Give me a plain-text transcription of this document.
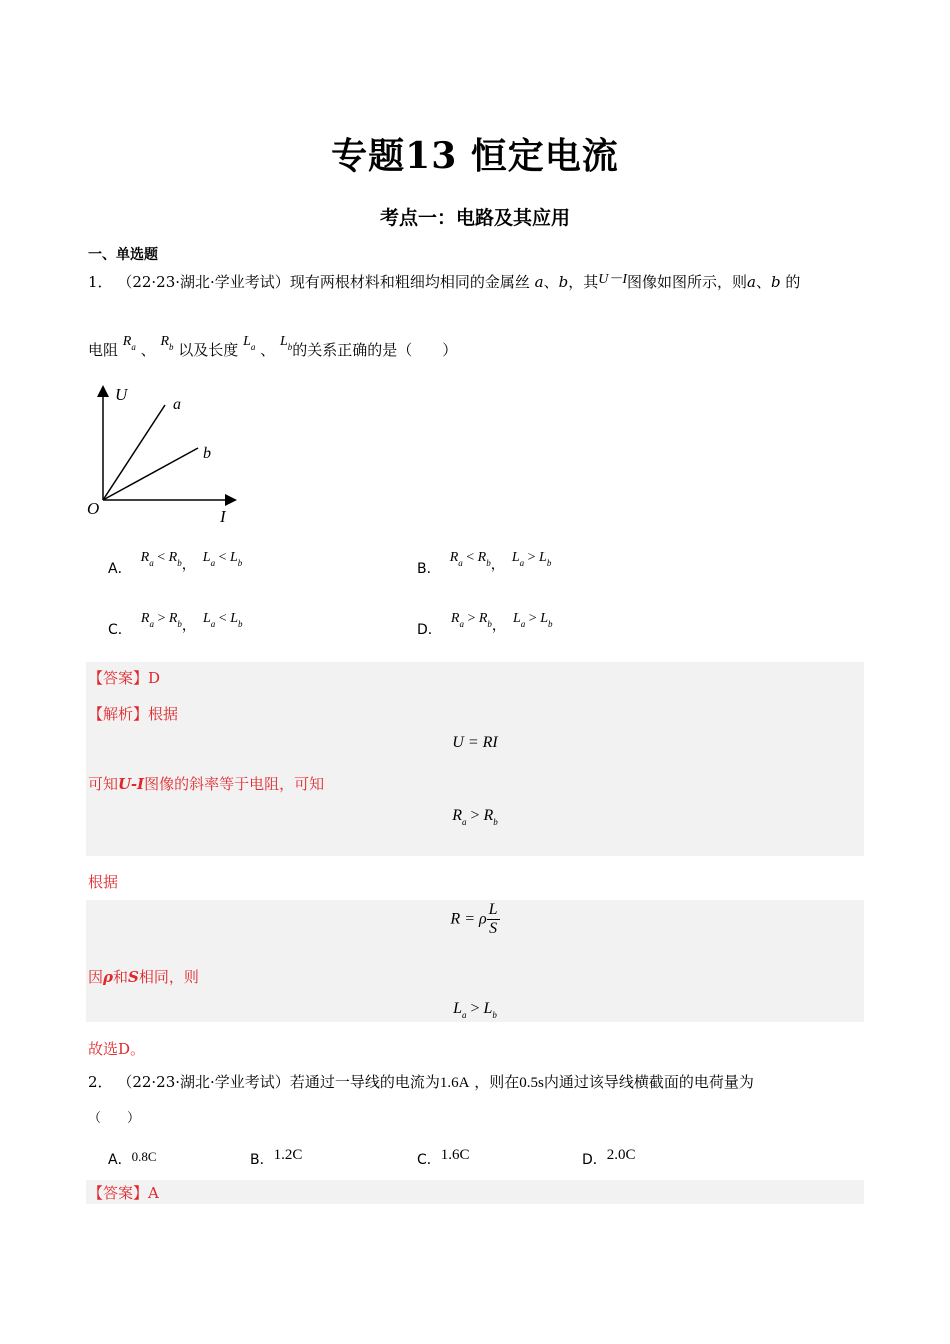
专题13 恒定电流
考点一：电路及其应用
一、单选题
1． （22·23·湖北·学业考试）现有两根材料和粗细均相同的金属丝 a、b，其U－I图像如图所示，则a、b 的
电阻 $R_a$ 、 $R_b$ 以及长度 $L_a$ 、 $L_b$的关系正确的是（　　）
U
I
O
a
b
A． $R_a < R_b$， $L_a < L_b$	B． $R_a < R_b$， $L_a > L_b$
C． $R_a > R_b$， $L_a < L_b$	D． $R_a > R_b$， $L_a > L_b$
【答案】D
【解析】根据
U = RI
可知U-I图像的斜率等于电阻，可知
$R_a > R_b$
根据
R = ρ $\frac{L}{S}$
因ρ和S相同，则
$L_a > L_b$
故选D。
2． （22·23·湖北·学业考试）若通过一导线的电流为1.6A ，则在0.5s内通过该导线横截面的电荷量为
（　　）
A．0.8C	B．1.2C	C．1.6C	D．2.0C
【答案】A
